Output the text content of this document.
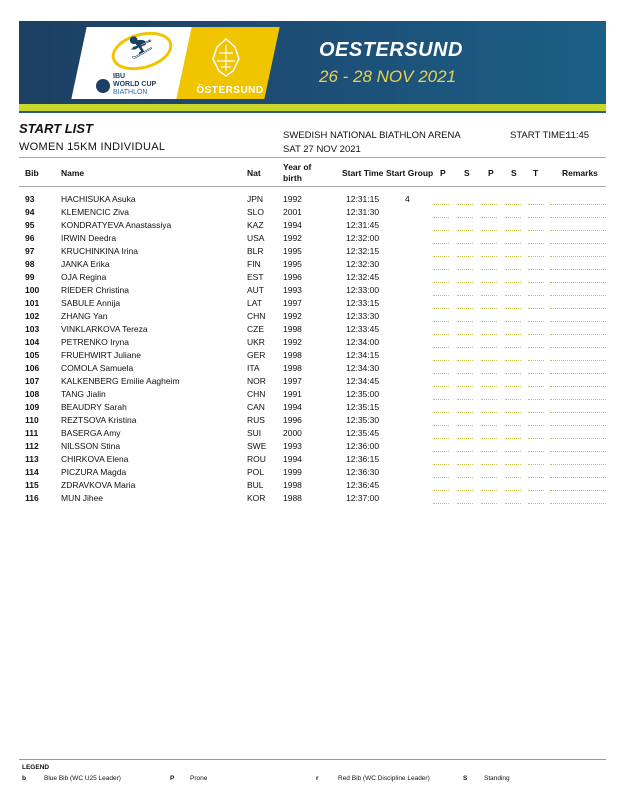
⛷
IBU
WORLD CUP
BIATHLON	ÖSTERSUND
OESTERSUND
26 - 28 NOV 2021
START LIST
WOMEN 15KM INDIVIDUAL
SWEDISH NATIONAL BIATHLON ARENA
SAT 27 NOV 2021
START TIME:
11:45
Bib	Name	Nat
Year of
birth	Start Time Start Group P S P S T	Remarks
93	HACHISUKA Asuka	JPN 1992	12:31:15	4
94	KLEMENCIC Ziva	SLO 2001	12:31:30
95	KONDRATYEVA Anastassiya	KAZ 1994	12:31:45
96	IRWIN Deedra	USA 1992	12:32:00
97	KRUCHINKINA Irina	BLR 1995	12:32:15
98	JANKA Erika	FIN	1995	12:32:30
99	OJA Regina	EST 1996	12:32:45
100	RIEDER Christina	AUT 1993	12:33:00
101	SABULE Annija	LAT 1997	12:33:15
102	ZHANG Yan	CHN 1992	12:33:30
103	VINKLARKOVA Tereza	CZE 1998	12:33:45
104	PETRENKO Iryna	UKR 1992	12:34:00
105	FRUEHWIRT Juliane	GER 1998	12:34:15
106	COMOLA Samuela	ITA	1998	12:34:30
107	KALKENBERG Emilie Aagheim	NOR 1997	12:34:45
108	TANG Jialin	CHN 1991	12:35:00
109	BEAUDRY Sarah	CAN 1994	12:35:15
110	REZTSOVA Kristina	RUS 1996	12:35:30
111	BASERGA Amy	SUI	2000	12:35:45
112	NILSSON Stina	SWE 1993	12:36:00
113	CHIRKOVA Elena	ROU 1994	12:36:15
114	PICZURA Magda	POL 1999	12:36:30
115	ZDRAVKOVA Maria	BUL 1998	12:36:45
116	MUN Jihee	KOR 1988	12:37:00
LEGEND
b	Blue Bib (WC U25 Leader)	P Prone	r	Red Bib (WC Discipline Leader)	S	Standing
